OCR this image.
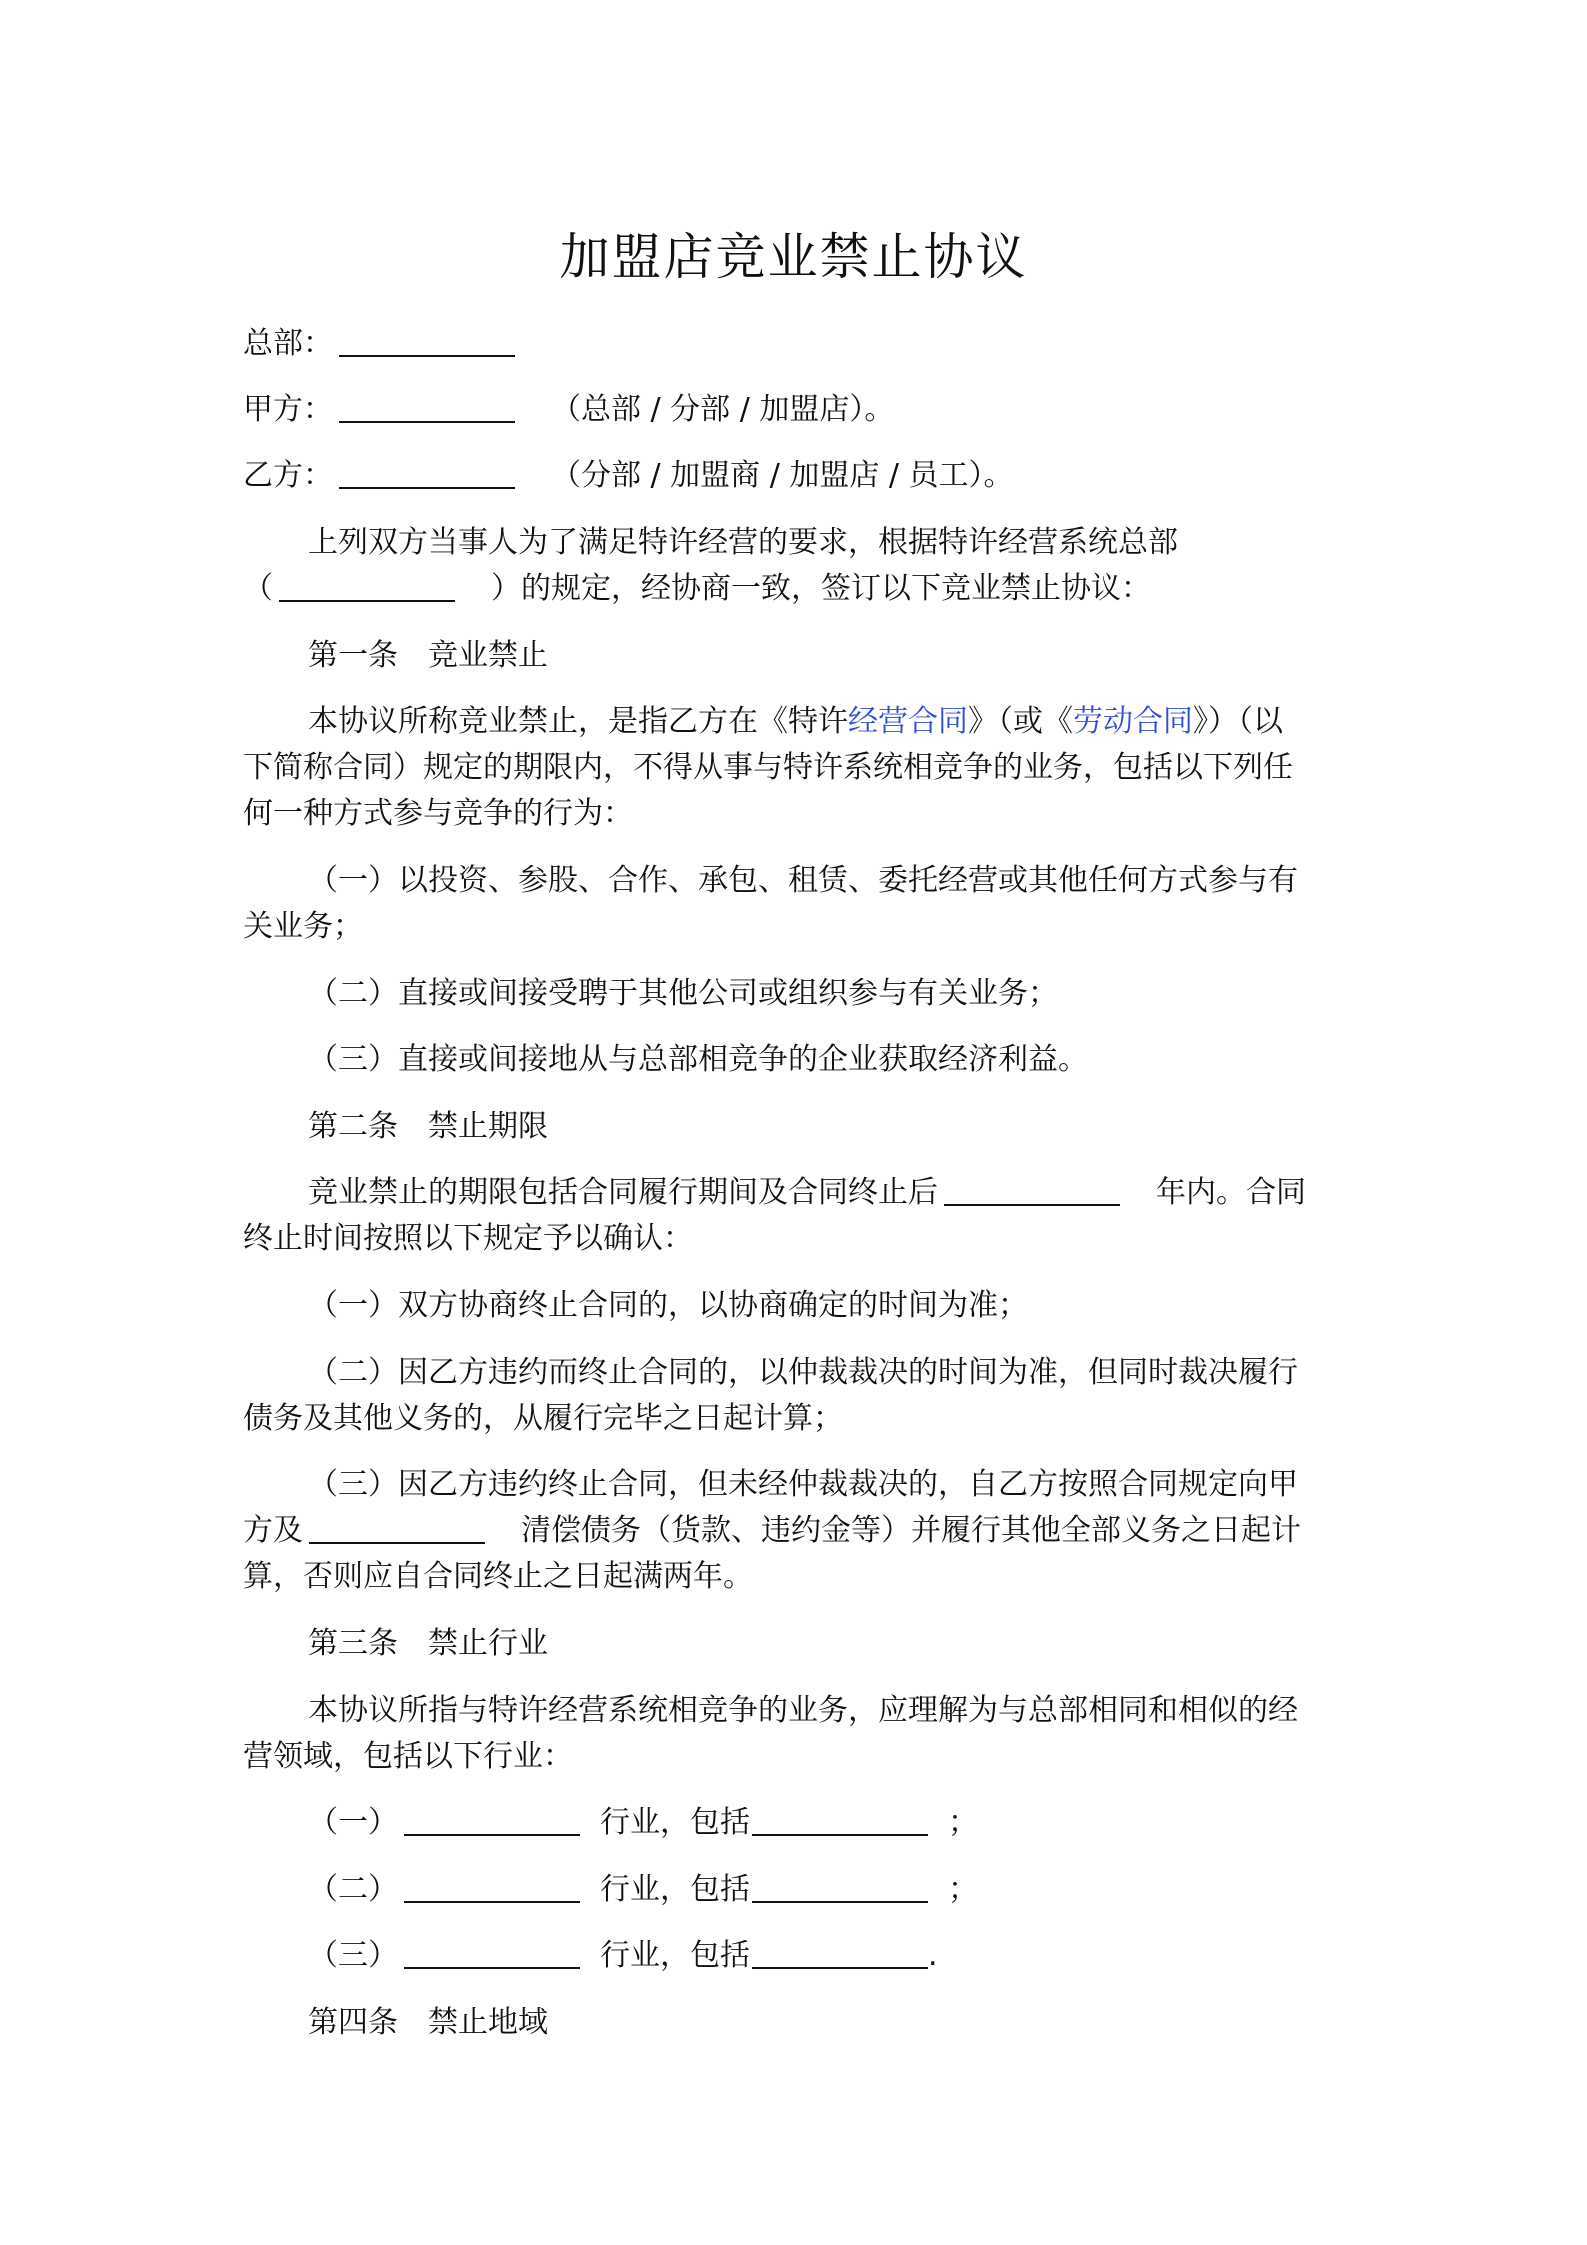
加盟店竞业禁止协议
总部：
甲方：	（总部 / 分部 / 加盟店）。
乙方：	（分部 / 加盟商 / 加盟店 / 员工）。
上列双方当事人为了满足特许经营的要求，根据特许经营系统总部
（	）的规定，经协商一致，签订以下竞业禁止协议：
第一条　竞业禁止
本协议所称竞业禁止，是指乙方在《特许经营合同》（或《劳动合同》）（以
下简称合同）规定的期限内，不得从事与特许系统相竞争的业务，包括以下列任
何一种方式参与竞争的行为：
（一）以投资、参股、合作、承包、租赁、委托经营或其他任何方式参与有
关业务；
（二）直接或间接受聘于其他公司或组织参与有关业务；
（三）直接或间接地从与总部相竞争的企业获取经济利益。
第二条　禁止期限
竞业禁止的期限包括合同履行期间及合同终止后	年内。合同
终止时间按照以下规定予以确认：
（一）双方协商终止合同的，以协商确定的时间为准；
（二）因乙方违约而终止合同的，以仲裁裁决的时间为准，但同时裁决履行
债务及其他义务的，从履行完毕之日起计算；
（三）因乙方违约终止合同，但未经仲裁裁决的，自乙方按照合同规定向甲
方及	清偿债务（货款、违约金等）并履行其他全部义务之日起计
算，否则应自合同终止之日起满两年。
第三条　禁止行业
本协议所指与特许经营系统相竞争的业务，应理解为与总部相同和相似的经
营领域，包括以下行业：
（一）	行业，包括	；
（二）	行业，包括	；
（三）	行业，包括	.
第四条　禁止地域
